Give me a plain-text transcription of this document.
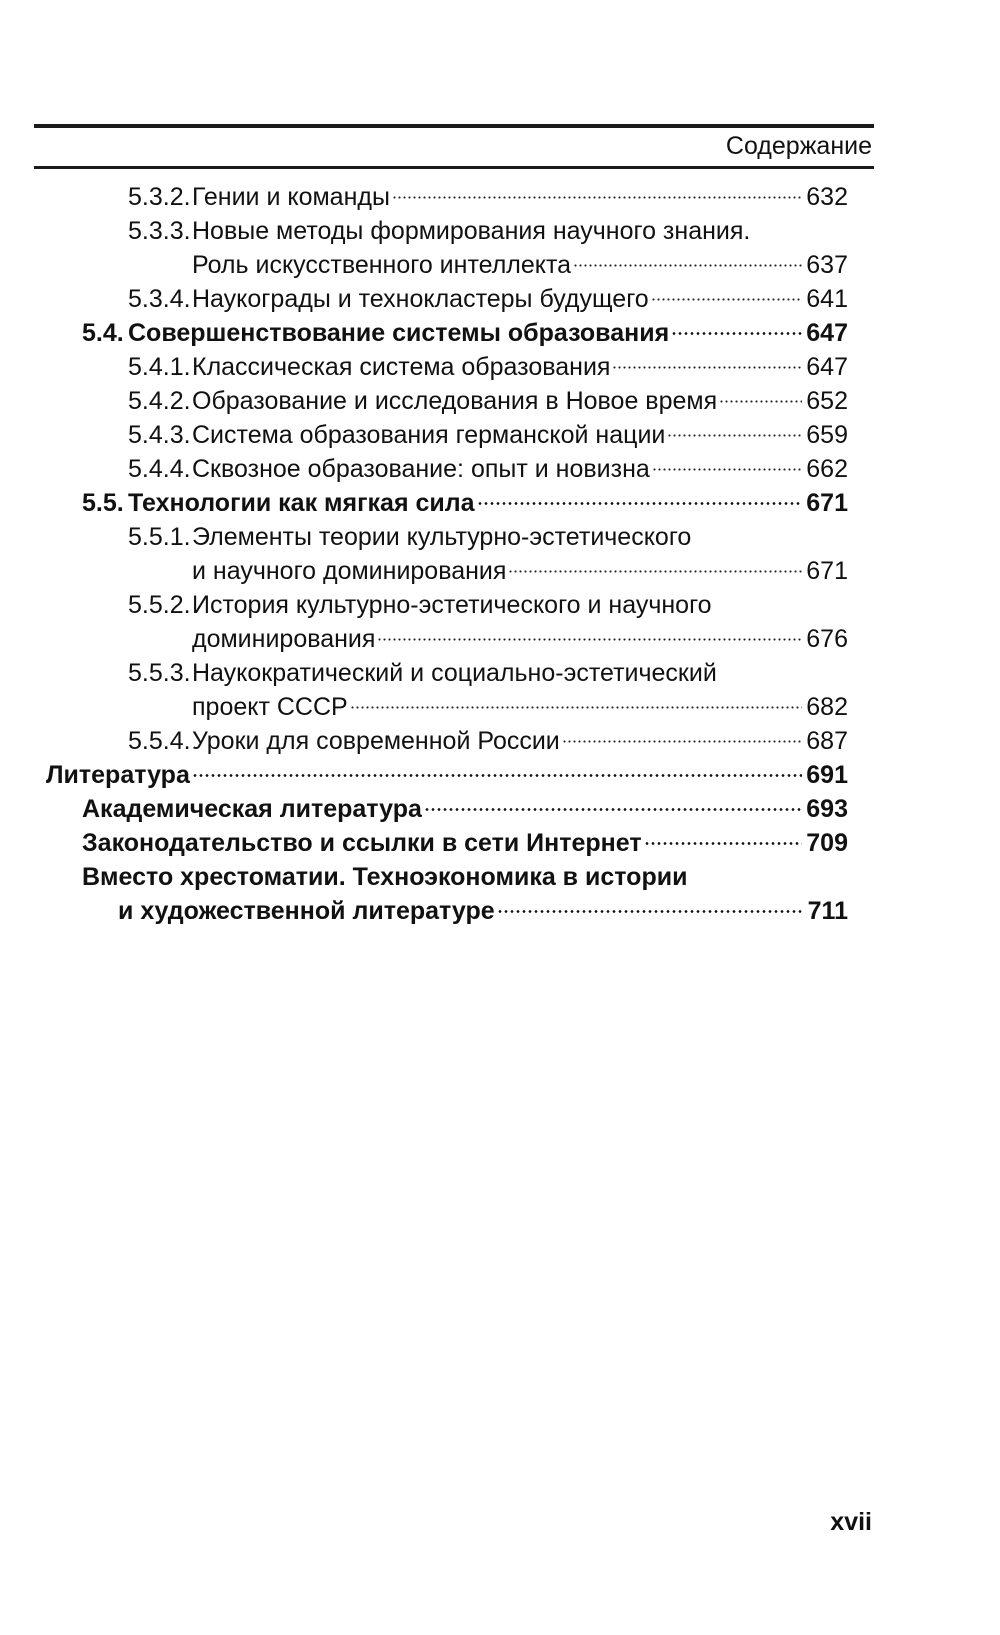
Содержание
5.3.2. Гении и команды	632
5.3.3. Новые методы формирования научного знания.
Роль искусственного интеллекта	637
5.3.4. Наукограды и технокластеры будущего	641
5.4. Совершенствование системы образования	647
5.4.1. Классическая система образования	647
5.4.2. Образование и исследования в Новое время	652
5.4.3. Система образования германской нации	659
5.4.4. Сквозное образование: опыт и новизна	662
5.5. Технологии как мягкая сила	671
5.5.1. Элементы теории культурно-эстетического
и научного доминирования	671
5.5.2. История культурно-эстетического и научного
доминирования	676
5.5.3. Наукократический и социально-эстетический
проект СССР	682
5.5.4. Уроки для современной России	687
Литература	691
Академическая литература	693
Законодательство и ссылки в сети Интернет	709
Вместо хрестоматии. Техноэкономика в истории
и художественной литературе	711
xvii
